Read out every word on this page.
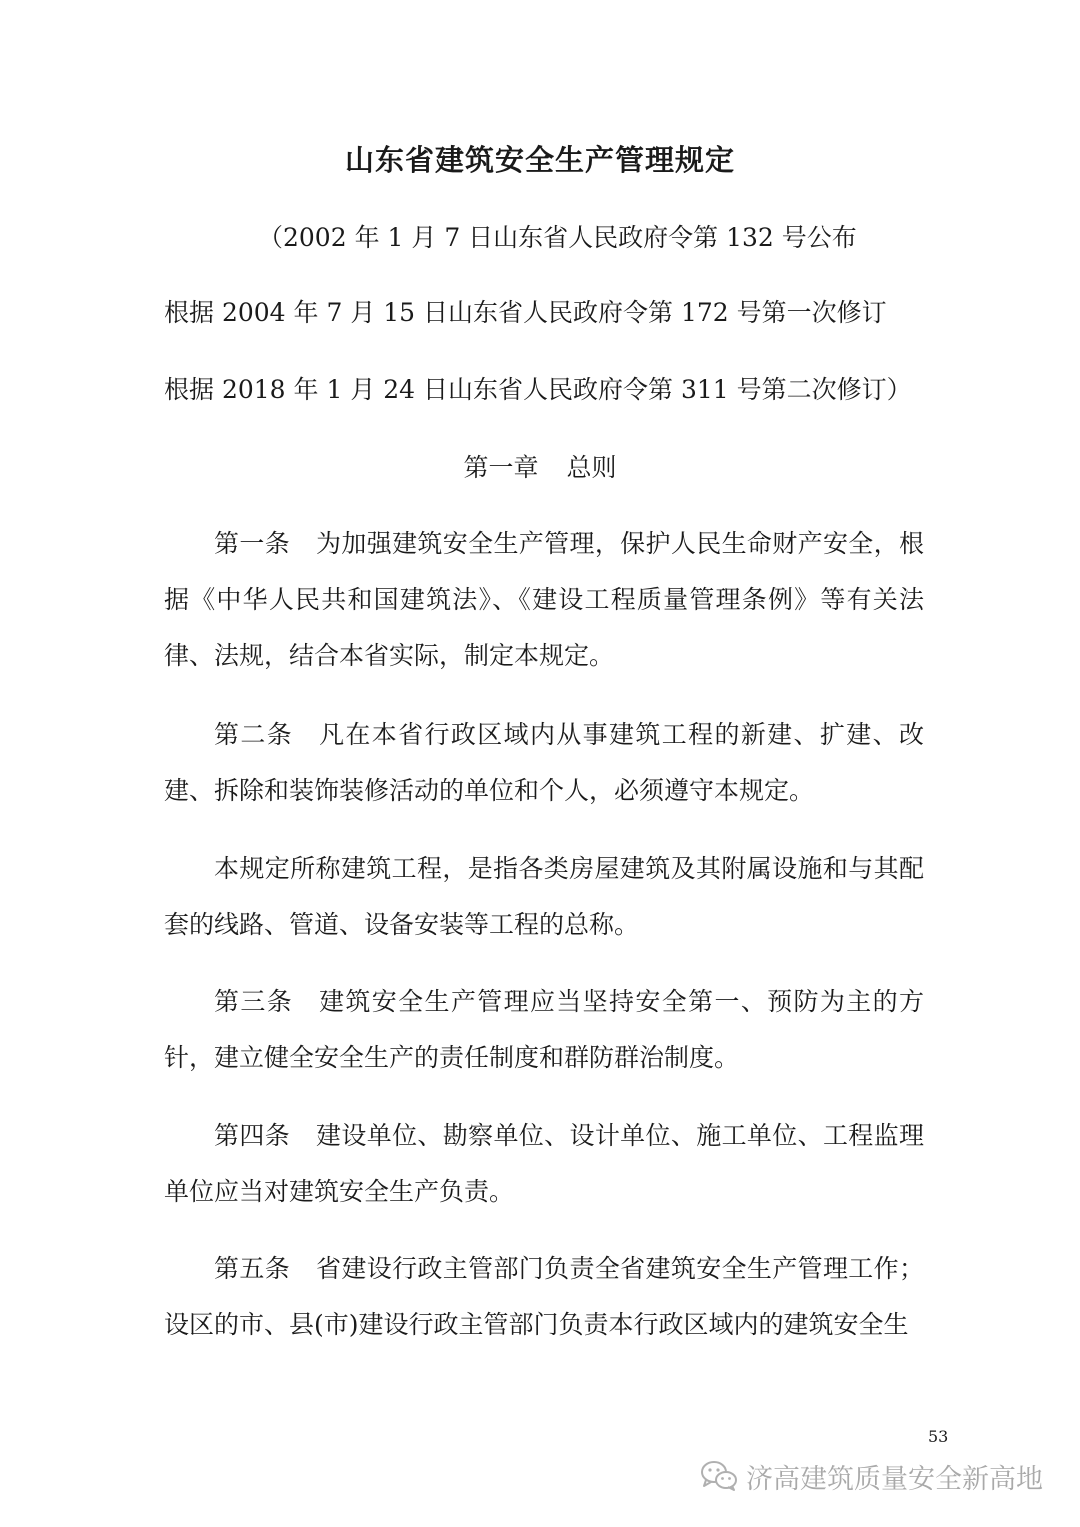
山东省建筑安全生产管理规定
（2002 年 1 月 7 日山东省人民政府令第 132 号公布
根据 2004 年 7 月 15 日山东省人民政府令第 172 号第一次修订
根据 2018 年 1 月 24 日山东省人民政府令第 311 号第二次修订）
第一章 总则
第一条 为加强建筑安全生产管理，保护人民生命财产安全，根据《中华人民共和国建筑法》、《建设工程质量管理条例》等有关法律、法规，结合本省实际，制定本规定。
第二条 凡在本省行政区域内从事建筑工程的新建、扩建、改建、拆除和装饰装修活动的单位和个人，必须遵守本规定。
本规定所称建筑工程，是指各类房屋建筑及其附属设施和与其配套的线路、管道、设备安装等工程的总称。
第三条 建筑安全生产管理应当坚持安全第一、预防为主的方针，建立健全安全生产的责任制度和群防群治制度。
第四条 建设单位、勘察单位、设计单位、施工单位、工程监理单位应当对建筑安全生产负责。
第五条 省建设行政主管部门负责全省建筑安全生产管理工作；设区的市、县(市)建设行政主管部门负责本行政区域内的建筑安全生
53
济高建筑质量安全新高地
